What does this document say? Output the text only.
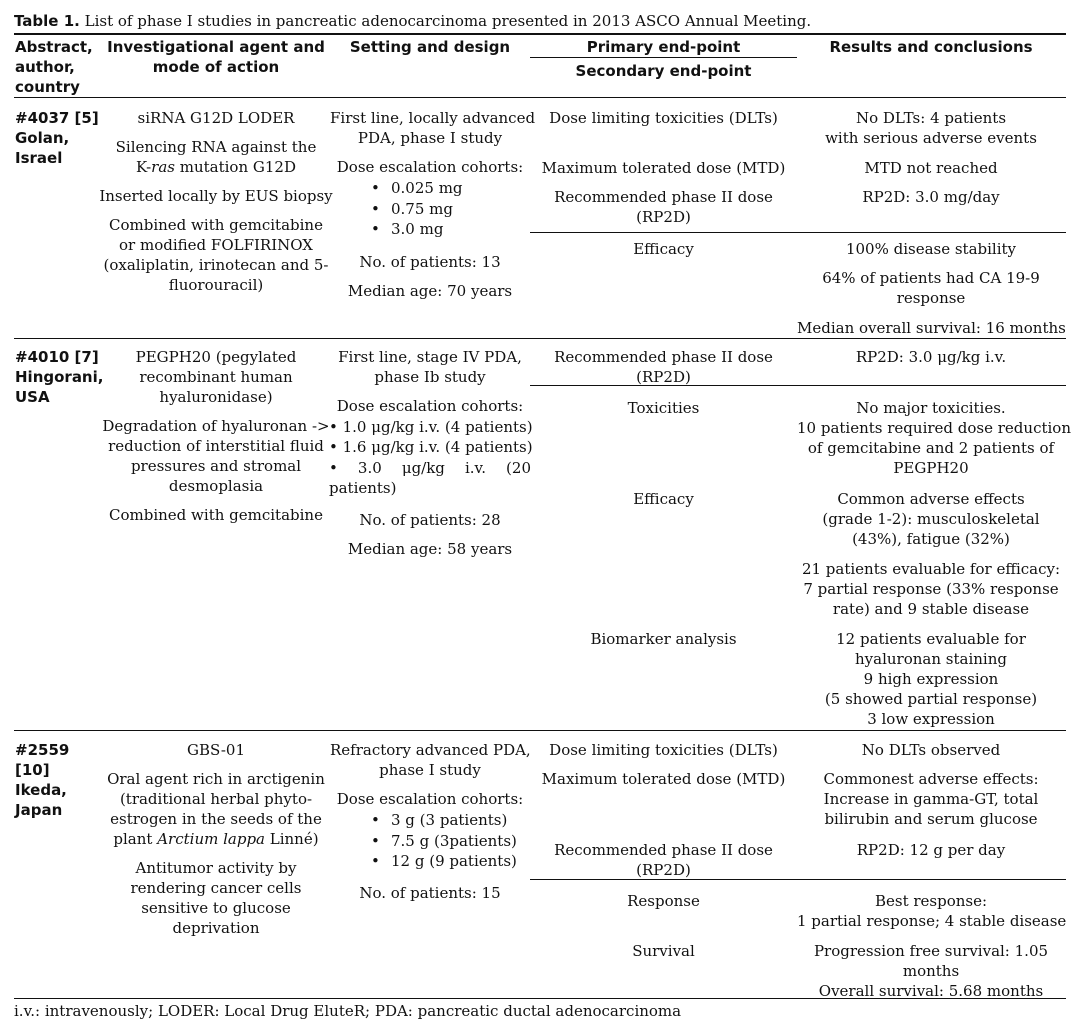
Table 1. List of phase I studies in pancreatic adenocarcinoma presented in 2013 ASCO Annual Meeting.
Abstract,
author,
country
Investigational agent and
mode of action
Setting and design	Primary end-point
Secondary end-point
Results and conclusions
#4037 [5]
Golan,
Israel
siRNA G12D LODER
Silencing RNA against the
K-ras mutation G12D
Inserted locally by EUS biopsy
Combined with gemcitabine
or modified FOLFIRINOX
(oxaliplatin, irinotecan and 5-
fluorouracil)
First line, locally advanced
PDA, phase I study
Dose escalation cohorts:
• 0.025 mg
• 0.75 mg
• 3.0 mg
No. of patients: 13
Median age: 70 years
Dose limiting toxicities (DLTs)
Maximum tolerated dose (MTD)
Recommended phase II dose
(RP2D)
Efficacy
No DLTs: 4 patients
with serious adverse events
MTD not reached
RP2D: 3.0 mg/day
100% disease stability
64% of patients had CA 19-9
response
Median overall survival: 16 months
#4010 [7]
Hingorani,
USA
PEGPH20 (pegylated
recombinant human
hyaluronidase)
Degradation of hyaluronan ->
reduction of interstitial fluid
pressures and stromal
desmoplasia
Combined with gemcitabine
First line, stage IV PDA,
phase Ib study
Dose escalation cohorts:
• 1.0 μg/kg i.v. (4 patients)
• 1.6 μg/kg i.v. (4 patients)
• 3.0 μg/kg i.v. (20 patients)
No. of patients: 28
Median age: 58 years
Recommended phase II dose
(RP2D)
Toxicities
Efficacy
Biomarker analysis
RP2D: 3.0 μg/kg i.v.
No major toxicities.
10 patients required dose reduction
of gemcitabine and 2 patients of
PEGPH20
Common adverse effects
(grade 1-2): musculoskeletal
(43%), fatigue (32%)
21 patients evaluable for efficacy:
7 partial response (33% response
rate) and 9 stable disease
12 patients evaluable for
hyaluronan staining
9 high expression
(5 showed partial response)
3 low expression
#2559
[10]
Ikeda,
Japan
GBS-01
Oral agent rich in arctigenin
(traditional herbal phyto-
estrogen in the seeds of the
plant Arctium lappa Linné)
Antitumor activity by
rendering cancer cells
sensitive to glucose
deprivation
Refractory advanced PDA,
phase I study
Dose escalation cohorts:
• 3 g (3 patients)
• 7.5 g (3patients)
• 12 g (9 patients)
No. of patients: 15
Dose limiting toxicities (DLTs)
Maximum tolerated dose (MTD)
Recommended phase II dose
(RP2D)
Response
Survival
No DLTs observed
Commonest adverse effects:
Increase in gamma-GT, total
bilirubin and serum glucose
RP2D: 12 g per day
Best response:
1 partial response; 4 stable disease
Progression free survival: 1.05
months
Overall survival: 5.68 months
i.v.: intravenously; LODER: Local Drug EluteR; PDA: pancreatic ductal adenocarcinoma
